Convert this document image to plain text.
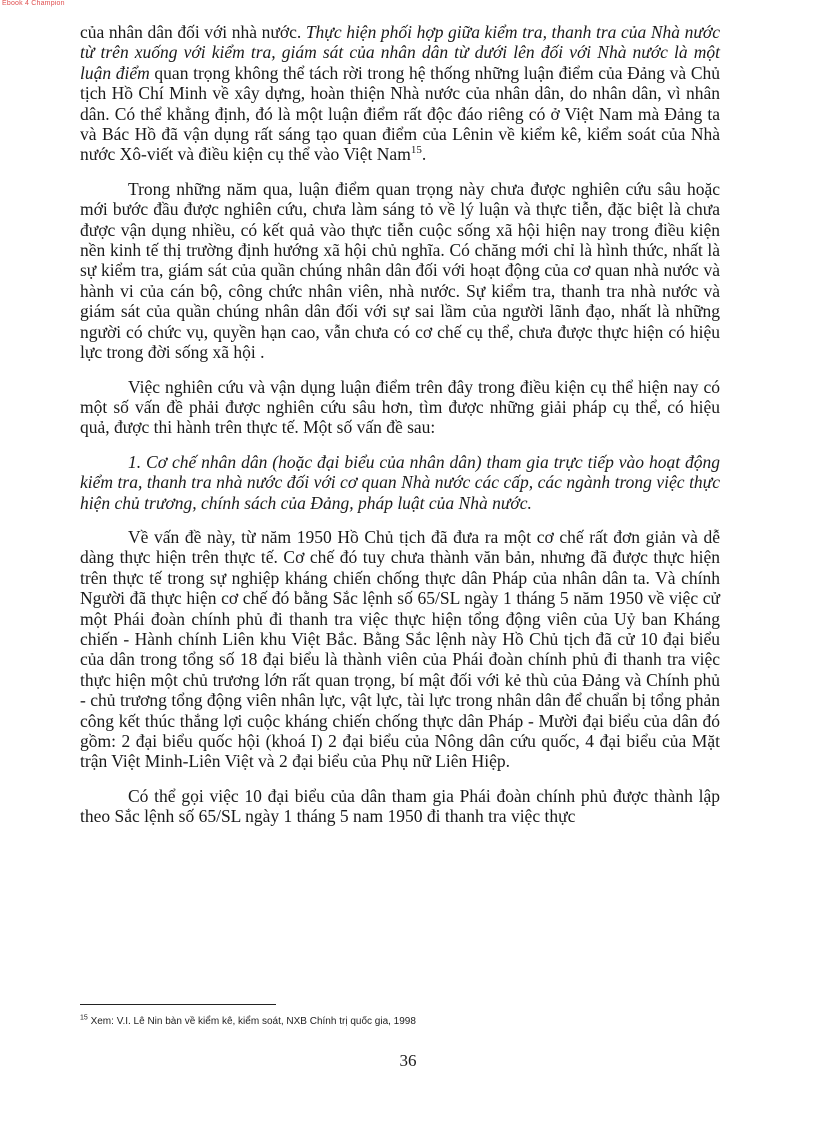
Ebook 4 Champion

của nhân dân đối với nhà nước. Thực hiện phối hợp giữa kiểm tra, thanh tra của Nhà nước từ trên xuống với kiểm tra, giám sát của nhân dân từ dưới lên đối với Nhà nước là một luận điểm quan trọng không thể tách rời trong hệ thống những luận điểm của Đảng và Chủ tịch Hồ Chí Minh về xây dựng, hoàn thiện Nhà nước của nhân dân, do nhân dân, vì nhân dân. Có thể khẳng định, đó là một luận điểm rất độc đáo riêng có ở Việt Nam mà Đảng ta và Bác Hồ đã vận dụng rất sáng tạo quan điểm của Lênin về kiểm kê, kiểm soát của Nhà nước Xô-viết và điều kiện cụ thể vào Việt Nam$^{15}$.

Trong những năm qua, luận điểm quan trọng này chưa được nghiên cứu sâu hoặc mới bước đầu được nghiên cứu, chưa làm sáng tỏ về lý luận và thực tiễn, đặc biệt là chưa được vận dụng nhiều, có kết quả vào thực tiễn cuộc sống xã hội hiện nay trong điều kiện nền kinh tế thị trường định hướng xã hội chủ nghĩa. Có chăng mới chỉ là hình thức, nhất là sự kiểm tra, giám sát của quần chúng nhân dân đối với hoạt động của cơ quan nhà nước và hành vi của cán bộ, công chức nhân viên, nhà nước. Sự kiểm tra, thanh tra nhà nước và giám sát của quần chúng nhân dân đối với sự sai lầm của người lãnh đạo, nhất là những người có chức vụ, quyền hạn cao, vẫn chưa có cơ chế cụ thể, chưa được thực hiện có hiệu lực trong đời sống xã hội .

Việc nghiên cứu và vận dụng luận điểm trên đây trong điều kiện cụ thể hiện nay có một số vấn đề phải được nghiên cứu sâu hơn, tìm được những giải pháp cụ thể, có hiệu quả, được thi hành trên thực tế. Một số vấn đề sau:

1. Cơ chế nhân dân (hoặc đại biểu của nhân dân) tham gia trực tiếp vào hoạt động kiểm tra, thanh tra nhà nước đối với cơ quan Nhà nước các cấp, các ngành trong việc thực hiện chủ trương, chính sách của Đảng, pháp luật của Nhà nước.

Về vấn đề này, từ năm 1950 Hồ Chủ tịch đã đưa ra một cơ chế rất đơn giản và dễ dàng thực hiện trên thực tế. Cơ chế đó tuy chưa thành văn bản, nhưng đã được thực hiện trên thực tế trong sự nghiệp kháng chiến chống thực dân Pháp của nhân dân ta. Và chính Người đã thực hiện cơ chế đó bằng Sắc lệnh số 65/SL ngày 1 tháng 5 năm 1950 về việc cử một Phái đoàn chính phủ đi thanh tra việc thực hiện tổng động viên của Uỷ ban Kháng chiến - Hành chính Liên khu Việt Bắc. Bằng Sắc lệnh này Hồ Chủ tịch đã cử 10 đại biểu của dân trong tổng số 18 đại biểu là thành viên của Phái đoàn chính phủ đi thanh tra việc thực hiện một chủ trương lớn rất quan trọng, bí mật đối với kẻ thù của Đảng và Chính phủ - chủ trương tổng động viên nhân lực, vật lực, tài lực trong nhân dân để chuẩn bị tổng phản công kết thúc thắng lợi cuộc kháng chiến chống thực dân Pháp - Mười đại biểu của dân đó gồm: 2 đại biểu quốc hội (khoá I) 2 đại biểu của Nông dân cứu quốc, 4 đại biểu của Mặt trận Việt Minh-Liên Việt và 2 đại biểu của Phụ nữ Liên Hiệp.

Có thể gọi việc 10 đại biểu của dân tham gia Phái đoàn chính phủ được thành lập theo Sắc lệnh số 65/SL ngày 1 tháng 5 nam 1950 đi thanh tra việc thực

$^{15}$ Xem: V.I. Lê Nin bàn về kiểm kê, kiểm soát, NXB Chính trị quốc gia, 1998
36
